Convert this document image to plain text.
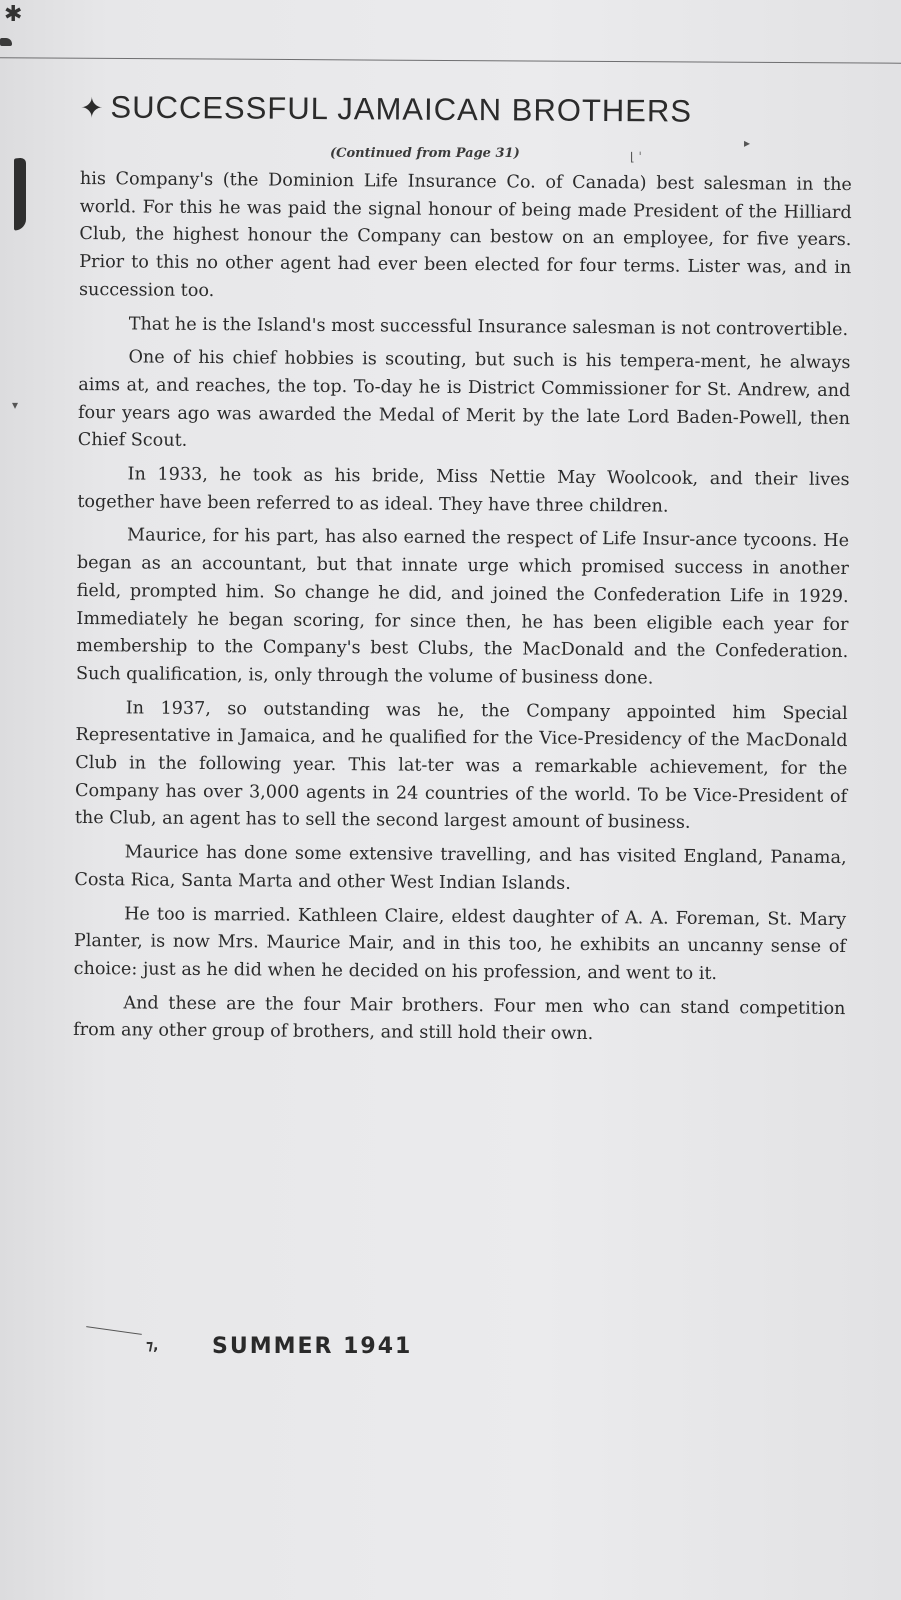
✱
▾
▸
⌊ ˈ
✦ SUCCESSFUL JAMAICAN BROTHERS
(Continued from Page 31)

his Company's (the Dominion Life Insurance Co. of Canada) best salesman in the world. For this he was paid the signal honour of being made President of the Hilliard Club, the highest honour the Company can bestow on an employee, for five years. Prior to this no other agent had ever been elected for four terms. Lister was, and in succession too.

That he is the Island's most successful Insurance salesman is not controvertible.

One of his chief hobbies is scouting, but such is his tempera-ment, he always aims at, and reaches, the top. To-day he is District Commissioner for St. Andrew, and four years ago was awarded the Medal of Merit by the late Lord Baden-Powell, then Chief Scout.

In 1933, he took as his bride, Miss Nettie May Woolcook, and their lives together have been referred to as ideal. They have three children.

Maurice, for his part, has also earned the respect of Life Insur-ance tycoons. He began as an accountant, but that innate urge which promised success in another field, prompted him. So change he did, and joined the Confederation Life in 1929. Immediately he began scoring, for since then, he has been eligible each year for membership to the Company's best Clubs, the MacDonald and the Confederation. Such qualification, is, only through the volume of business done.

In 1937, so outstanding was he, the Company appointed him Special Representative in Jamaica, and he qualified for the Vice-Presidency of the MacDonald Club in the following year. This lat-ter was a remarkable achievement, for the Company has over 3,000 agents in 24 countries of the world. To be Vice-President of the Club, an agent has to sell the second largest amount of business.

Maurice has done some extensive travelling, and has visited England, Panama, Costa Rica, Santa Marta and other West Indian Islands.

He too is married. Kathleen Claire, eldest daughter of A. A. Foreman, St. Mary Planter, is now Mrs. Maurice Mair, and in this too, he exhibits an uncanny sense of choice: just as he did when he decided on his profession, and went to it.

And these are the four Mair brothers. Four men who can stand competition from any other group of brothers, and still hold their own.

⁊, SUMMER 1941
